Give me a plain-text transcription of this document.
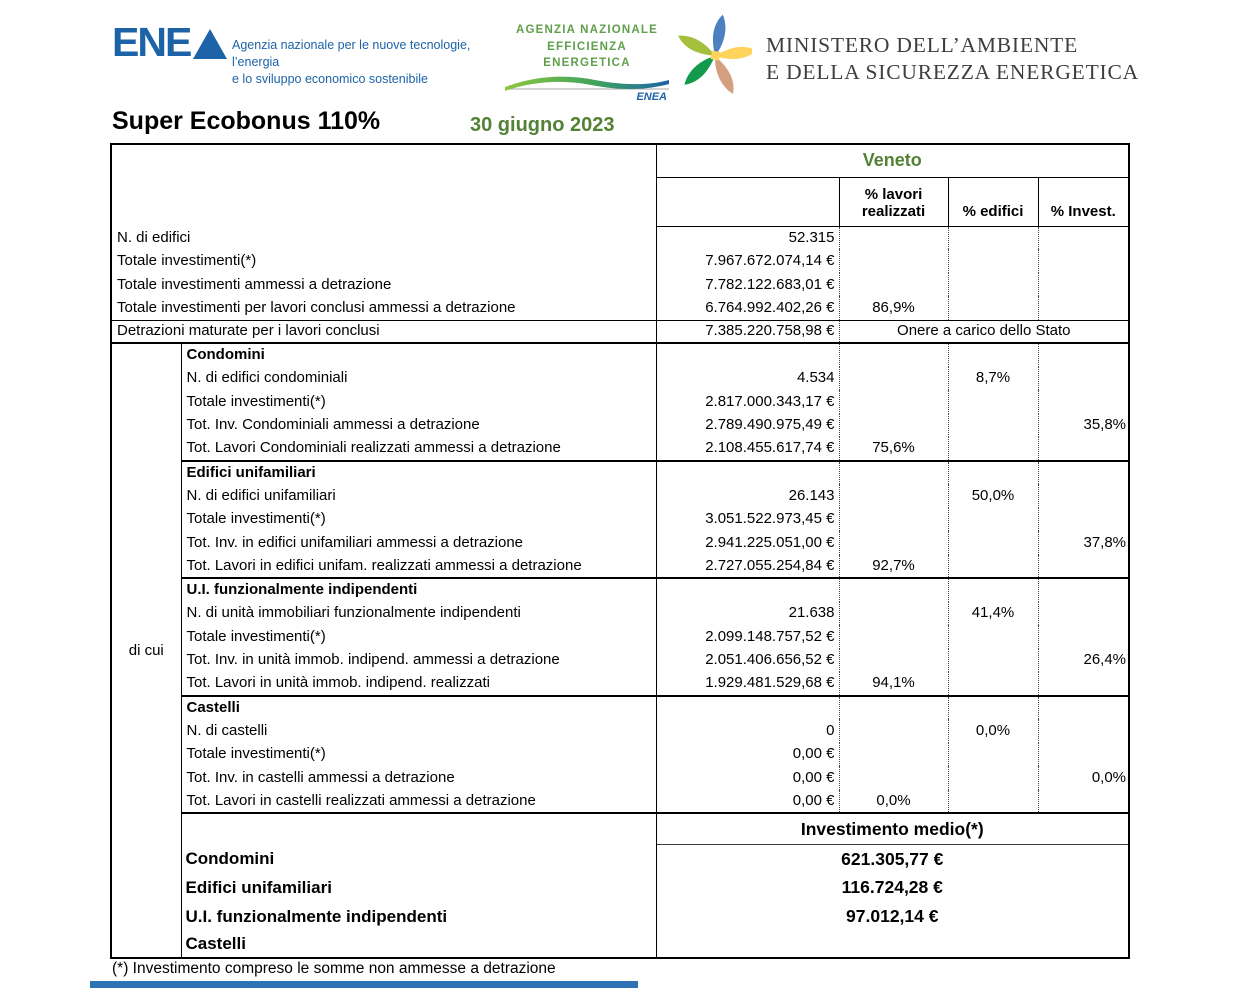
ENE	Agenzia nazionale per le nuove tecnologie, l’energia
e lo sviluppo economico sostenibile
AGENZIA NAZIONALE
EFFICIENZA ENERGETICA
ENEA
MINISTERO DELL’AMBIENTE
E DELLA SICUREZZA ENERGETICA
Super Ecobonus 110%	30 giugno 2023
		Veneto			
			% lavori realizzati	% edifici	% Invest.
N. di edifici		52.315			
Totale investimenti(*)		7.967.672.074,14 €			
Totale investimenti ammessi a detrazione		7.782.122.683,01 €			
Totale investimenti per lavori conclusi ammessi a detrazione		6.764.992.402,26 €	86,9%		
Detrazioni maturate per i lavori conclusi		7.385.220.758,98 €	Onere a carico dello Stato		
di cui	Condomini				
	N. di edifici condominiali	4.534		8,7%	
	Totale investimenti(*)	2.817.000.343,17 €			
	Tot. Inv. Condominiali ammessi a detrazione	2.789.490.975,49 €			35,8%
	Tot. Lavori Condominiali realizzati ammessi a detrazione	2.108.455.617,74 €	75,6%		
	Edifici unifamiliari				
	N. di edifici unifamiliari	26.143		50,0%	
	Totale investimenti(*)	3.051.522.973,45 €			
	Tot. Inv. in edifici unifamiliari ammessi a detrazione	2.941.225.051,00 €			37,8%
	Tot. Lavori in edifici unifam. realizzati ammessi a detrazione	2.727.055.254,84 €	92,7%		
	U.I. funzionalmente indipendenti				
	N. di unità immobiliari funzionalmente indipendenti	21.638		41,4%	
	Totale investimenti(*)	2.099.148.757,52 €			
	Tot. Inv. in unità immob. indipend. ammessi a detrazione	2.051.406.656,52 €			26,4%
	Tot. Lavori in unità immob. indipend. realizzati	1.929.481.529,68 €	94,1%		
	Castelli				
	N. di castelli	0		0,0%	
	Totale investimenti(*)	0,00 €			
	Tot. Inv. in castelli ammessi a detrazione	0,00 €			0,0%
	Tot. Lavori in castelli realizzati ammessi a detrazione	0,00 €	0,0%		
		Investimento medio(*)			
	Condomini	621.305,77 €			
	Edifici unifamiliari	116.724,28 €			
	U.I. funzionalmente indipendenti	97.012,14 €			
	Castelli				
(*) Investimento compreso le somme non ammesse a detrazione
